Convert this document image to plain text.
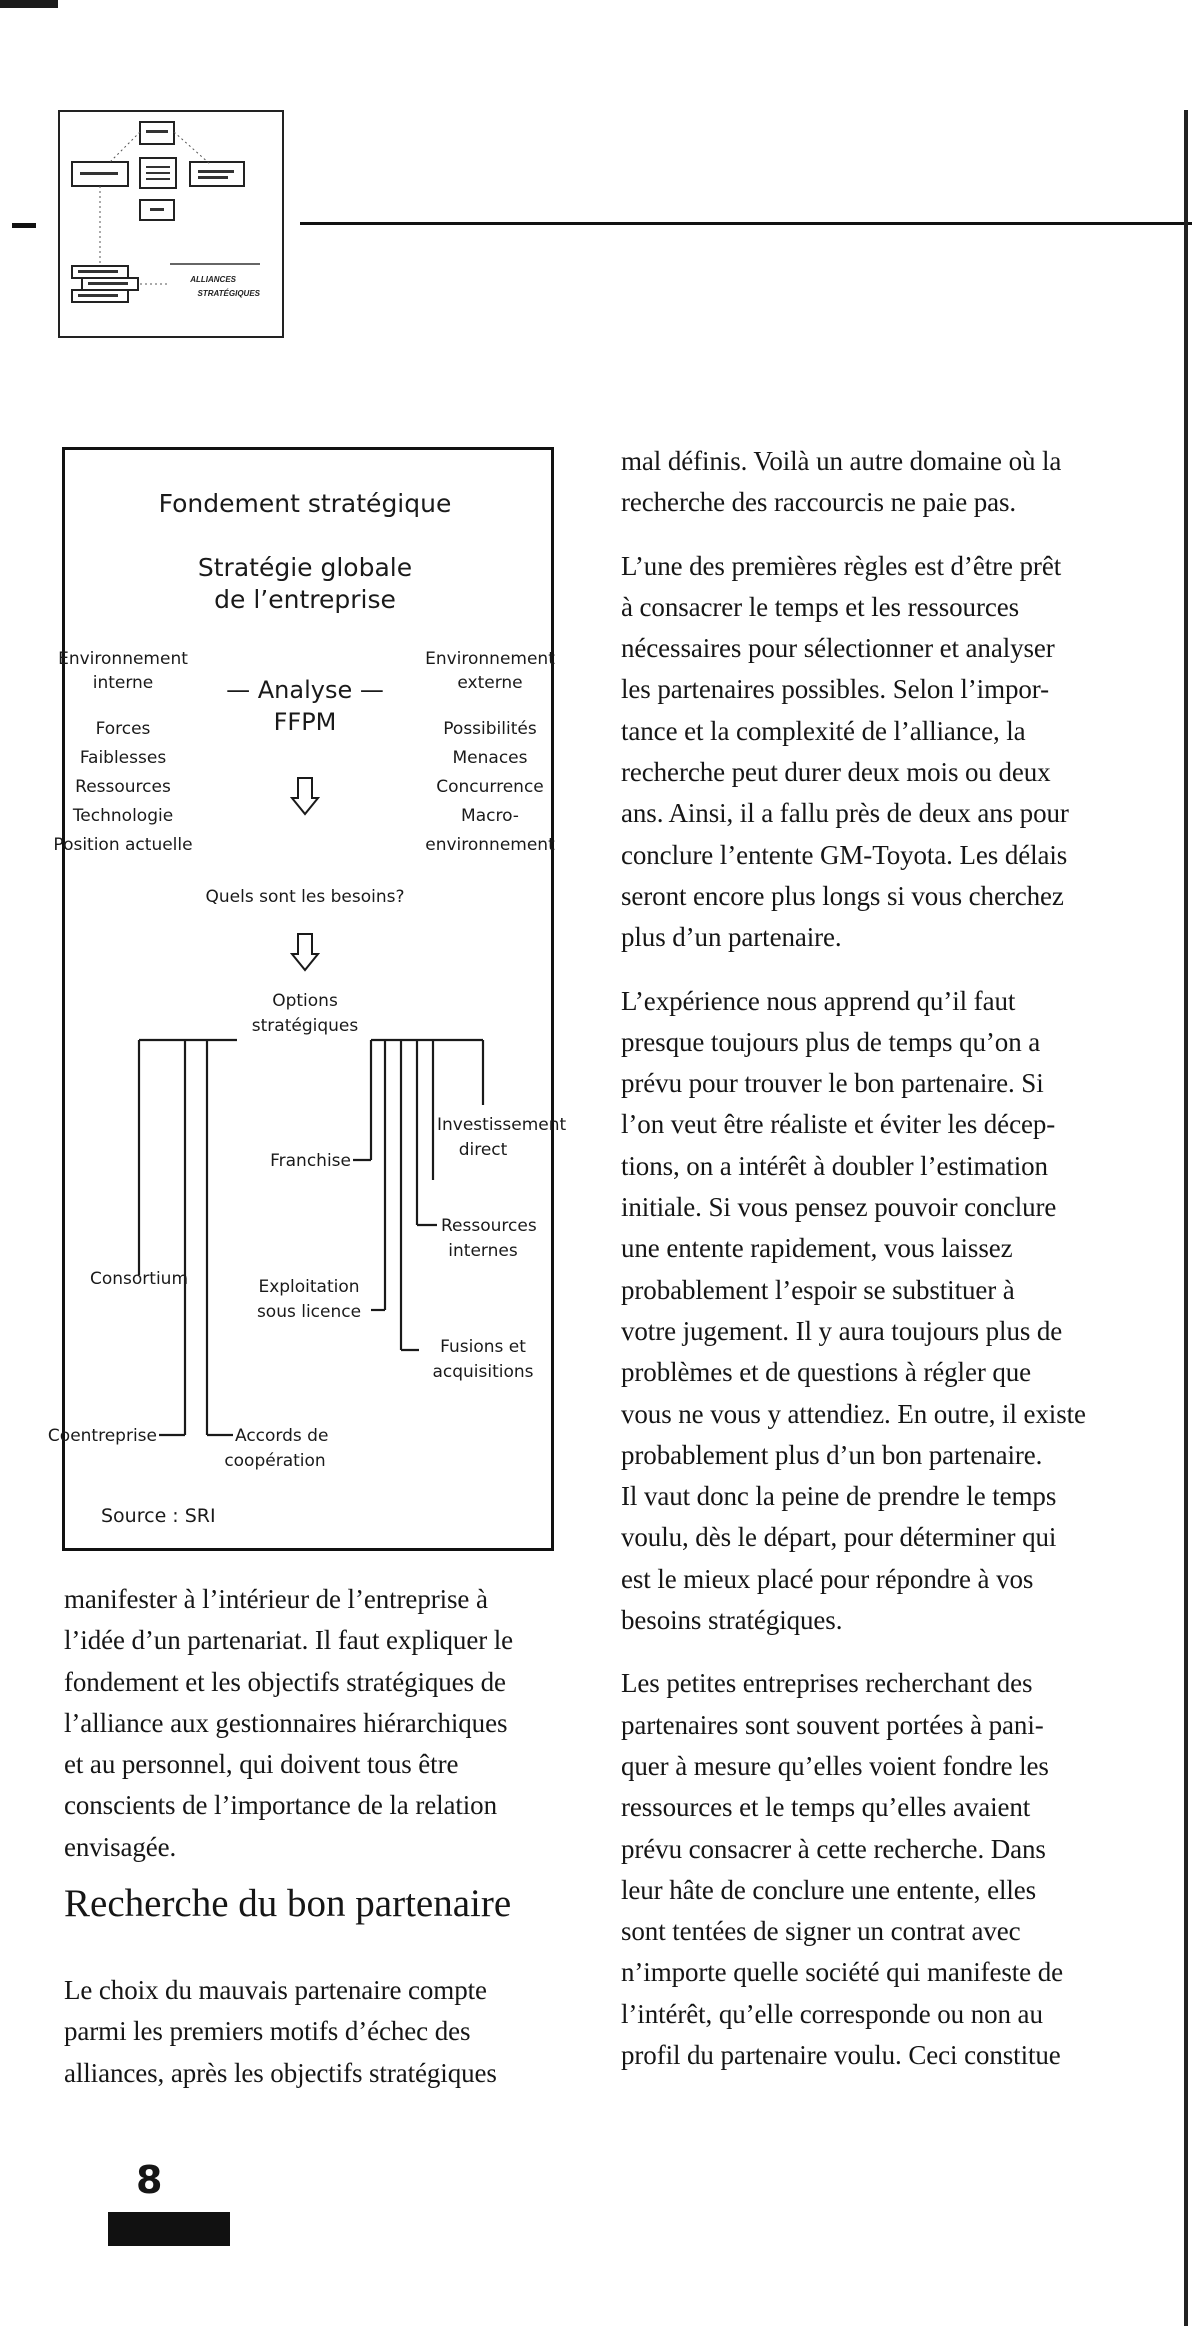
ALLIANCES
STRATÉGIQUES
Fondement stratégique
Stratégie globale
de l’entreprise
Environnement
interne
Environnement
externe
— Analyse —
FFPM
Forces
Faiblesses
Ressources
Technologie
Position actuelle
Possibilités
Menaces
Concurrence
Macro-
environnement
Quels sont les besoins?
Options
stratégiques
Investissement
direct
Franchise
Ressources
internes
Consortium	Exploitation
sous licence
Fusions et
acquisitions
Coentreprise	Accords de
coopération
Source : SRI

manifester à l’intérieur de l’entreprise à
l’idée d’un partenariat. Il faut expliquer le
fondement et les objectifs stratégiques de
l’alliance aux gestionnaires hiérarchiques
et au personnel, qui doivent tous être
conscients de l’importance de la relation
envisagée.

Recherche du bon partenaire

Le choix du mauvais partenaire compte
parmi les premiers motifs d’échec des
alliances, après les objectifs stratégiques

mal définis. Voilà un autre domaine où la
recherche des raccourcis ne paie pas.

L’une des premières règles est d’être prêt
à consacrer le temps et les ressources
nécessaires pour sélectionner et analyser
les partenaires possibles. Selon l’impor-
tance et la complexité de l’alliance, la
recherche peut durer deux mois ou deux
ans. Ainsi, il a fallu près de deux ans pour
conclure l’entente GM-Toyota. Les délais
seront encore plus longs si vous cherchez
plus d’un partenaire.

L’expérience nous apprend qu’il faut
presque toujours plus de temps qu’on a
prévu pour trouver le bon partenaire. Si
l’on veut être réaliste et éviter les décep-
tions, on a intérêt à doubler l’estimation
initiale. Si vous pensez pouvoir conclure
une entente rapidement, vous laissez
probablement l’espoir se substituer à
votre jugement. Il y aura toujours plus de
problèmes et de questions à régler que
vous ne vous y attendiez. En outre, il existe
probablement plus d’un bon partenaire.
Il vaut donc la peine de prendre le temps
voulu, dès le départ, pour déterminer qui
est le mieux placé pour répondre à vos
besoins stratégiques.

Les petites entreprises recherchant des
partenaires sont souvent portées à pani-
quer à mesure qu’elles voient fondre les
ressources et le temps qu’elles avaient
prévu consacrer à cette recherche. Dans
leur hâte de conclure une entente, elles
sont tentées de signer un contrat avec
n’importe quelle société qui manifeste de
l’intérêt, qu’elle corresponde ou non au
profil du partenaire voulu. Ceci constitue

8
